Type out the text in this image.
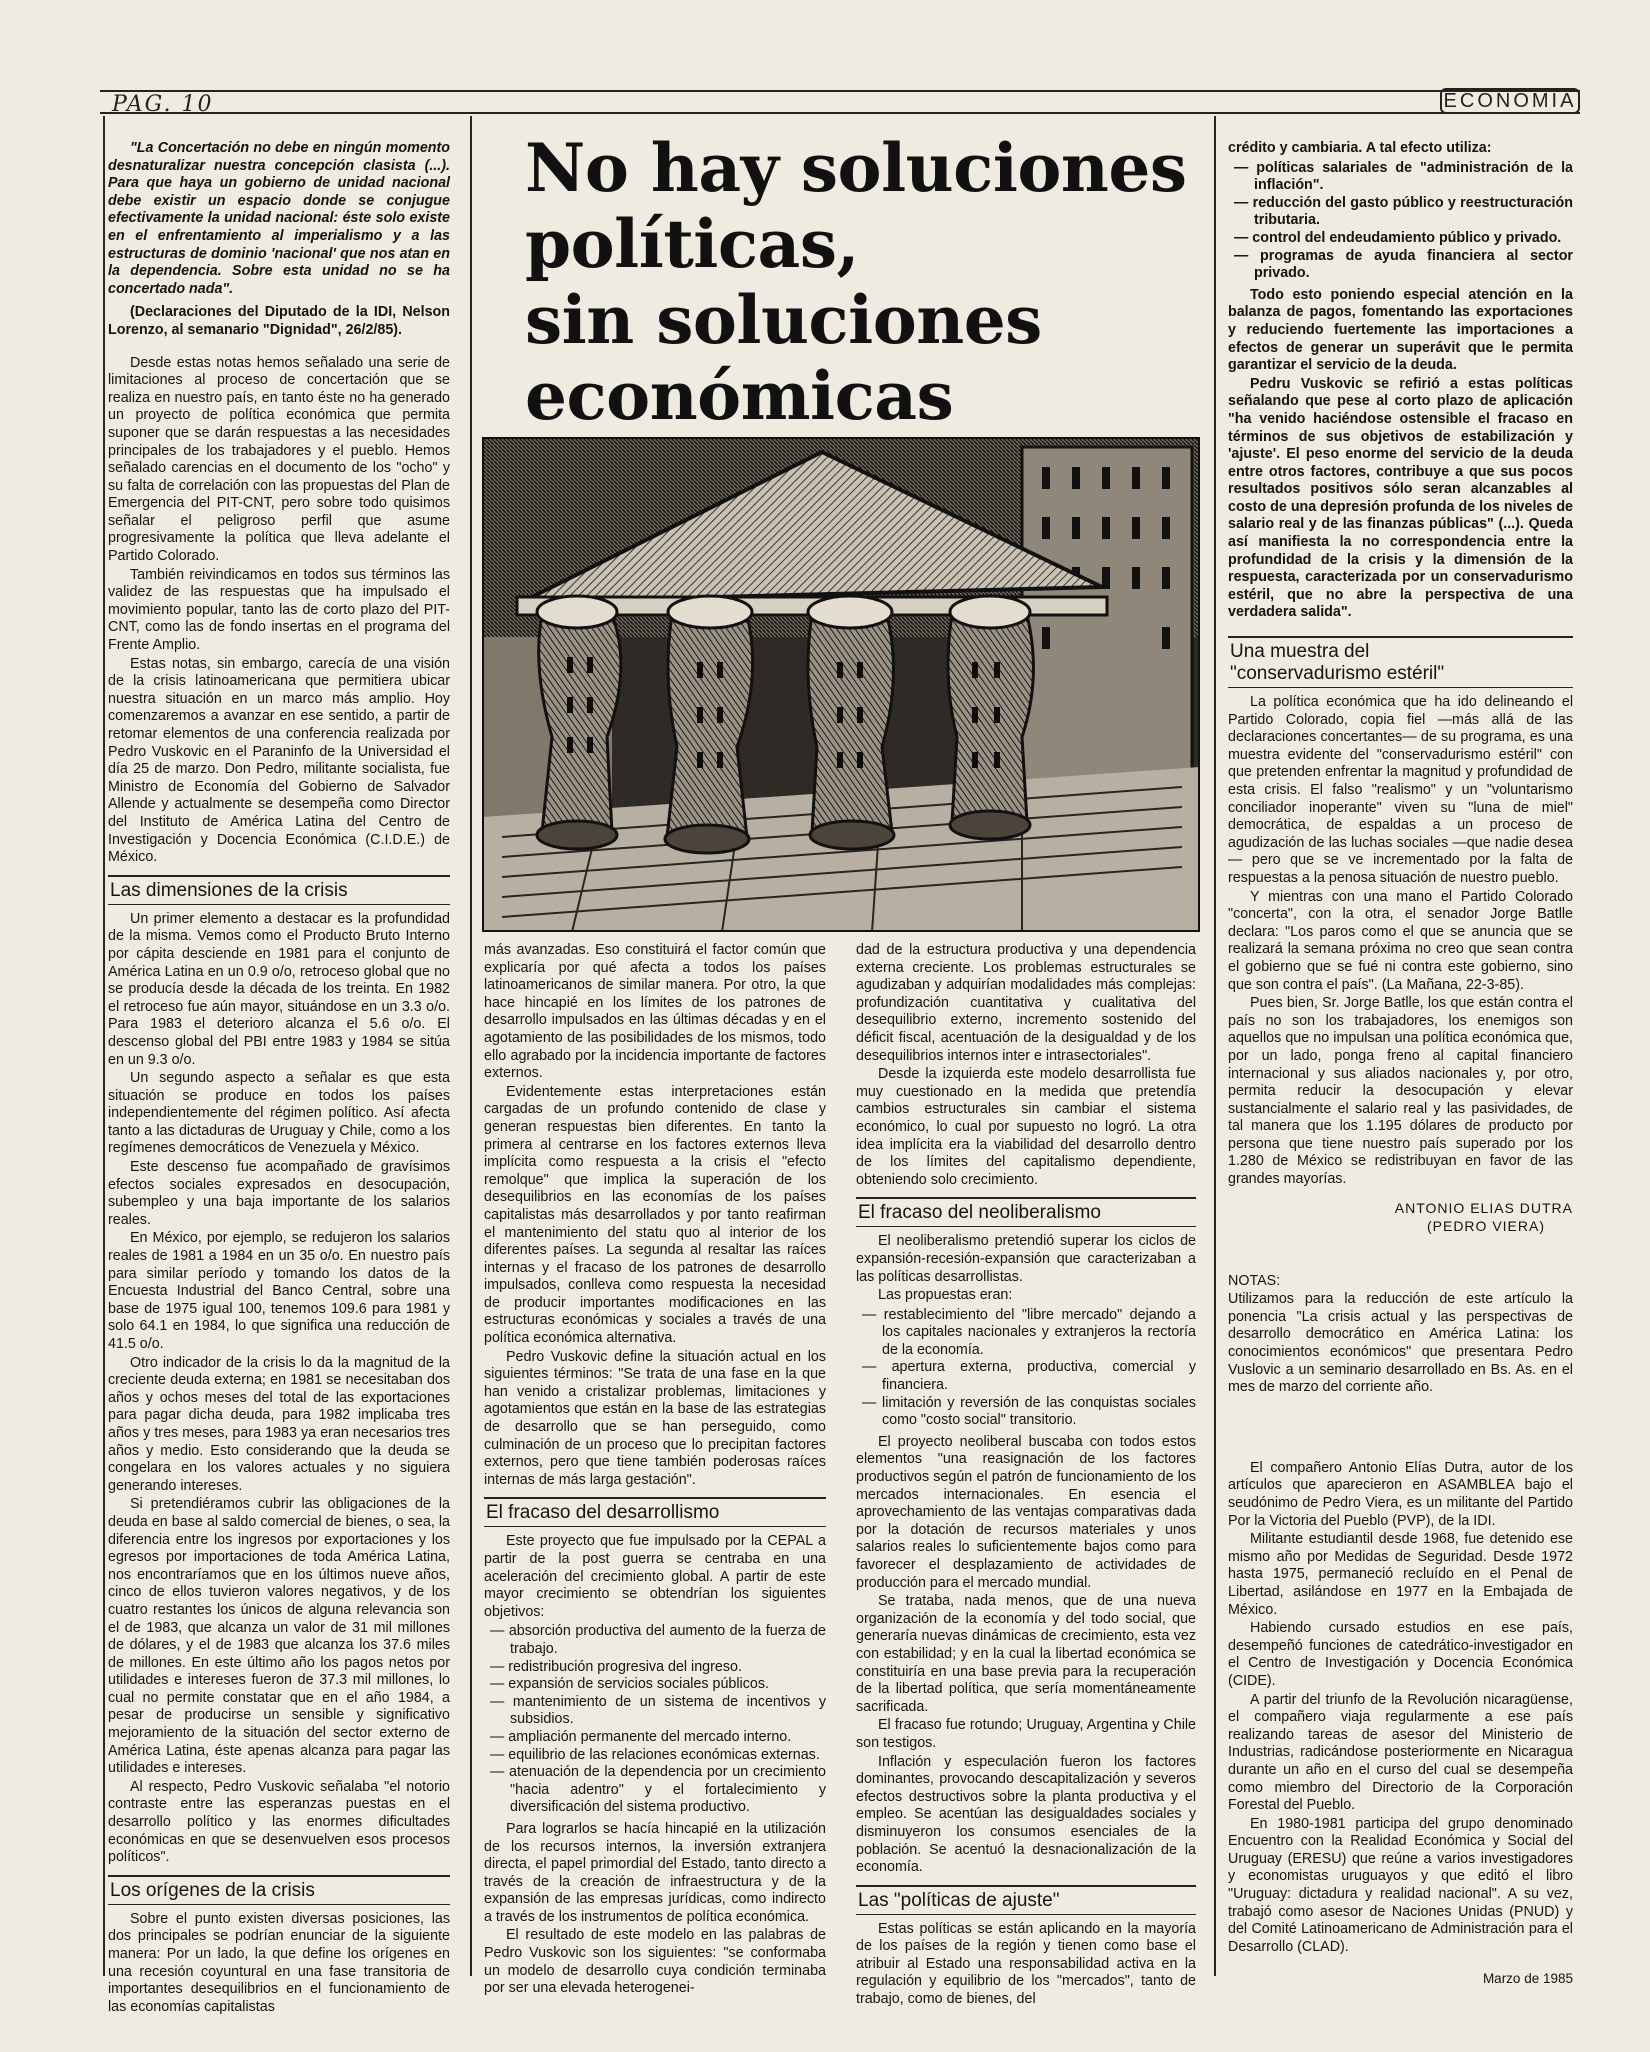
PAG. 10	ECONOMIA

"La Concertación no debe en ningún momento desnaturalizar nuestra concepción clasista (...). Para que haya un gobierno de unidad nacional debe existir un espacio donde se conjugue efectivamente la unidad nacional: éste solo existe en el enfrentamiento al imperialismo y a las estructuras de dominio 'nacional' que nos atan en la dependencia. Sobre esta unidad no se ha concertado nada".

(Declaraciones del Diputado de la IDI, Nelson Lorenzo, al semanario "Dignidad", 26/2/85).

Desde estas notas hemos señalado una serie de limitaciones al proceso de concertación que se realiza en nuestro país, en tanto éste no ha generado un proyecto de política económica que permita suponer que se darán respuestas a las necesidades principales de los trabajadores y el pueblo. Hemos señalado carencias en el documento de los "ocho" y su falta de correlación con las propuestas del Plan de Emergencia del PIT-CNT, pero sobre todo quisimos señalar el peligroso perfil que asume progresivamente la política que lleva adelante el Partido Colorado.

También reivindicamos en todos sus términos las validez de las respuestas que ha impulsado el movimiento popular, tanto las de corto plazo del PIT-CNT, como las de fondo insertas en el programa del Frente Amplio.

Estas notas, sin embargo, carecía de una visión de la crisis latinoamericana que permitiera ubicar nuestra situación en un marco más amplio. Hoy comenzaremos a avanzar en ese sentido, a partir de retomar elementos de una conferencia realizada por Pedro Vuskovic en el Paraninfo de la Universidad el día 25 de marzo. Don Pedro, militante socialista, fue Ministro de Economía del Gobierno de Salvador Allende y actualmente se desempeña como Director del Instituto de América Latina del Centro de Investigación y Docencia Económica (C.I.D.E.) de México.

Las dimensiones de la crisis

Un primer elemento a destacar es la profundidad de la misma. Vemos como el Producto Bruto Interno por cápita desciende en 1981 para el conjunto de América Latina en un 0.9 o/o, retroceso global que no se producía desde la década de los treinta. En 1982 el retroceso fue aún mayor, situándose en un 3.3 o/o. Para 1983 el deterioro alcanza el 5.6 o/o. El descenso global del PBI entre 1983 y 1984 se sitúa en un 9.3 o/o.

Un segundo aspecto a señalar es que esta situación se produce en todos los países independientemente del régimen político. Así afecta tanto a las dictaduras de Uruguay y Chile, como a los regímenes democráticos de Venezuela y México.

Este descenso fue acompañado de gravísimos efectos sociales expresados en desocupación, subempleo y una baja importante de los salarios reales.

En México, por ejemplo, se redujeron los salarios reales de 1981 a 1984 en un 35 o/o. En nuestro país para similar período y tomando los datos de la Encuesta Industrial del Banco Central, sobre una base de 1975 igual 100, tenemos 109.6 para 1981 y solo 64.1 en 1984, lo que significa una reducción de 41.5 o/o.

Otro indicador de la crisis lo da la magnitud de la creciente deuda externa; en 1981 se necesitaban dos años y ochos meses del total de las exportaciones para pagar dicha deuda, para 1982 implicaba tres años y tres meses, para 1983 ya eran necesarios tres años y medio. Esto considerando que la deuda se congelara en los valores actuales y no siguiera generando intereses.

Si pretendiéramos cubrir las obligaciones de la deuda en base al saldo comercial de bienes, o sea, la diferencia entre los ingresos por exportaciones y los egresos por importaciones de toda América Latina, nos encontraríamos que en los últimos nueve años, cinco de ellos tuvieron valores negativos, y de los cuatro restantes los únicos de alguna relevancia son el de 1983, que alcanza un valor de 31 mil millones de dólares, y el de 1983 que alcanza los 37.6 miles de millones. En este último año los pagos netos por utilidades e intereses fueron de 37.3 mil millones, lo cual no permite constatar que en el año 1984, a pesar de producirse un sensible y significativo mejoramiento de la situación del sector externo de América Latina, éste apenas alcanza para pagar las utilidades e intereses.

Al respecto, Pedro Vuskovic señalaba "el notorio contraste entre las esperanzas puestas en el desarrollo político y las enormes dificultades económicas en que se desenvuelven esos procesos políticos".

Los orígenes de la crisis

Sobre el punto existen diversas posiciones, las dos principales se podrían enunciar de la siguiente manera: Por un lado, la que define los orígenes en una recesión coyuntural en una fase transitoria de importantes desequilibrios en el funcionamiento de las economías capitalistas

No hay soluciones
políticas,
sin soluciones
económicas

más avanzadas. Eso constituirá el factor común que explicaría por qué afecta a todos los países latinoamericanos de similar manera. Por otro, la que hace hincapié en los límites de los patrones de desarrollo impulsados en las últimas décadas y en el agotamiento de las posibilidades de los mismos, todo ello agrabado por la incidencia importante de factores externos.

Evidentemente estas interpretaciones están cargadas de un profundo contenido de clase y generan respuestas bien diferentes. En tanto la primera al centrarse en los factores externos lleva implícita como respuesta a la crisis el "efecto remolque" que implica la superación de los desequilibrios en las economías de los países capitalistas más desarrollados y por tanto reafirman el mantenimiento del statu quo al interior de los diferentes países. La segunda al resaltar las raíces internas y el fracaso de los patrones de desarrollo impulsados, conlleva como respuesta la necesidad de producir importantes modificaciones en las estructuras económicas y sociales a través de una política económica alternativa.

Pedro Vuskovic define la situación actual en los siguientes términos: "Se trata de una fase en la que han venido a cristalizar problemas, limitaciones y agotamientos que están en la base de las estrategias de desarrollo que se han perseguido, como culminación de un proceso que lo precipitan factores externos, pero que tiene también poderosas raíces internas de más larga gestación".

El fracaso del desarrollismo

Este proyecto que fue impulsado por la CEPAL a partir de la post guerra se centraba en una aceleración del crecimiento global. A partir de este mayor crecimiento se obtendrían los siguientes objetivos:

— absorción productiva del aumento de la fuerza de trabajo.
— redistribución progresiva del ingreso.
— expansión de servicios sociales públicos.
— mantenimiento de un sistema de incentivos y subsidios.
— ampliación permanente del mercado interno.
— equilibrio de las relaciones económicas externas.
— atenuación de la dependencia por un crecimiento "hacia adentro" y el fortalecimiento y diversificación del sistema productivo.

Para lograrlos se hacía hincapié en la utilización de los recursos internos, la inversión extranjera directa, el papel primordial del Estado, tanto directo a través de la creación de infraestructura y de la expansión de las empresas jurídicas, como indirecto a través de los instrumentos de política económica.

El resultado de este modelo en las palabras de Pedro Vuskovic son los siguientes: "se conformaba un modelo de desarrollo cuya condición terminaba por ser una elevada heterogenei-

dad de la estructura productiva y una dependencia externa creciente. Los problemas estructurales se agudizaban y adquirían modalidades más complejas: profundización cuantitativa y cualitativa del desequilibrio externo, incremento sostenido del déficit fiscal, acentuación de la desigualdad y de los desequilibrios internos inter e intrasectoriales".

Desde la izquierda este modelo desarrollista fue muy cuestionado en la medida que pretendía cambios estructurales sin cambiar el sistema económico, lo cual por supuesto no logró. La otra idea implícita era la viabilidad del desarrollo dentro de los límites del capitalismo dependiente, obteniendo solo crecimiento.

El fracaso del neoliberalismo

El neoliberalismo pretendió superar los ciclos de expansión-recesión-expansión que caracterizaban a las políticas desarrollistas.

Las propuestas eran:

— restablecimiento del "libre mercado" dejando a los capitales nacionales y extranjeros la rectoría de la economía.
— apertura externa, productiva, comercial y financiera.
— limitación y reversión de las conquistas sociales como "costo social" transitorio.

El proyecto neoliberal buscaba con todos estos elementos "una reasignación de los factores productivos según el patrón de funcionamiento de los mercados internacionales. En esencia el aprovechamiento de las ventajas comparativas dada por la dotación de recursos materiales y unos salarios reales lo suficientemente bajos como para favorecer el desplazamiento de actividades de producción para el mercado mundial.

Se trataba, nada menos, que de una nueva organización de la economía y del todo social, que generaría nuevas dinámicas de crecimiento, esta vez con estabilidad; y en la cual la libertad económica se constituiría en una base previa para la recuperación de la libertad política, que sería momentáneamente sacrificada.

El fracaso fue rotundo; Uruguay, Argentina y Chile son testigos.

Inflación y especulación fueron los factores dominantes, provocando descapitalización y severos efectos destructivos sobre la planta productiva y el empleo. Se acentúan las desigualdades sociales y disminuyeron los consumos esenciales de la población. Se acentuó la desnacionalización de la economía.

Las "políticas de ajuste"

Estas políticas se están aplicando en la mayoría de los países de la región y tienen como base el atribuir al Estado una responsabilidad activa en la regulación y equilibrio de los "mercados", tanto de trabajo, como de bienes, del

crédito y cambiaria. A tal efecto utiliza:

— políticas salariales de "administración de la inflación".
— reducción del gasto público y reestructuración tributaria.
— control del endeudamiento público y privado.
— programas de ayuda financiera al sector privado.

Todo esto poniendo especial atención en la balanza de pagos, fomentando las exportaciones y reduciendo fuertemente las importaciones a efectos de generar un superávit que le permita garantizar el servicio de la deuda.

Pedru Vuskovic se refirió a estas políticas señalando que pese al corto plazo de aplicación "ha venido haciéndose ostensible el fracaso en términos de sus objetivos de estabilización y 'ajuste'. El peso enorme del servicio de la deuda entre otros factores, contribuye a que sus pocos resultados positivos sólo seran alcanzables al costo de una depresión profunda de los niveles de salario real y de las finanzas públicas" (...). Queda así manifiesta la no correspondencia entre la profundidad de la crisis y la dimensión de la respuesta, caracterizada por un conservadurismo estéril, que no abre la perspectiva de una verdadera salida".

Una muestra del
"conservadurismo estéril"

La política económica que ha ido delineando el Partido Colorado, copia fiel —más allá de las declaraciones concertantes— de su programa, es una muestra evidente del "conservadurismo estéril" con que pretenden enfrentar la magnitud y profundidad de esta crisis. El falso "realismo" y un "voluntarismo conciliador inoperante" viven su "luna de miel" democrática, de espaldas a un proceso de agudización de las luchas sociales —que nadie desea— pero que se ve incrementado por la falta de respuestas a la penosa situación de nuestro pueblo.

Y mientras con una mano el Partido Colorado "concerta", con la otra, el senador Jorge Batlle declara: "Los paros como el que se anuncia que se realizará la semana próxima no creo que sean contra el gobierno que se fué ni contra este gobierno, sino que son contra el país". (La Mañana, 22-3-85).

Pues bien, Sr. Jorge Batlle, los que están contra el país no son los trabajadores, los enemigos son aquellos que no impulsan una política económica que, por un lado, ponga freno al capital financiero internacional y sus aliados nacionales y, por otro, permita reducir la desocupación y elevar sustancialmente el salario real y las pasividades, de tal manera que los 1.195 dólares de producto por persona que tiene nuestro país superado por los 1.280 de México se redistribuyan en favor de las grandes mayorías.

ANTONIO ELIAS DUTRA
(PEDRO VIERA)

NOTAS:

Utilizamos para la reducción de este artículo la ponencia "La crisis actual y las perspectivas de desarrollo democrático en América Latina: los conocimientos económicos" que presentara Pedro Vuslovic a un seminario desarrollado en Bs. As. en el mes de marzo del corriente año.

El compañero Antonio Elías Dutra, autor de los artículos que aparecieron en ASAMBLEA bajo el seudónimo de Pedro Viera, es un militante del Partido Por la Victoria del Pueblo (PVP), de la IDI.

Militante estudiantil desde 1968, fue detenido ese mismo año por Medidas de Seguridad. Desde 1972 hasta 1975, permaneció recluído en el Penal de Libertad, asilándose en 1977 en la Embajada de México.

Habiendo cursado estudios en ese país, desempeñó funciones de catedrático-investigador en el Centro de Investigación y Docencia Económica (CIDE).

A partir del triunfo de la Revolución nicaragüense, el compañero viaja regularmente a ese país realizando tareas de asesor del Ministerio de Industrias, radicándose posteriormente en Nicaragua durante un año en el curso del cual se desempeña como miembro del Directorio de la Corporación Forestal del Pueblo.

En 1980-1981 participa del grupo denominado Encuentro con la Realidad Económica y Social del Uruguay (ERESU) que reúne a varios investigadores y economistas uruguayos y que editó el libro "Uruguay: dictadura y realidad nacional". A su vez, trabajó como asesor de Naciones Unidas (PNUD) y del Comité Latinoamericano de Administración para el Desarrollo (CLAD).

Marzo de 1985
